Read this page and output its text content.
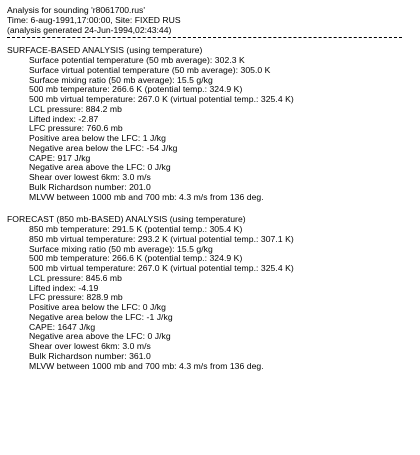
Analysis for sounding 'r8061700.rus'
Time: 6-aug-1991,17:00:00, Site: FIXED RUS
(analysis generated 24-Jun-1994,02:43:44)
SURFACE-BASED ANALYSIS (using temperature)
Surface potential temperature (50 mb average): 302.3 K
Surface virtual potential temperature (50 mb average): 305.0 K
Surface mixing ratio (50 mb average): 15.5 g/kg
500 mb temperature: 266.6 K (potential temp.: 324.9 K)
500 mb virtual temperature: 267.0 K (virtual potential temp.: 325.4 K)
LCL pressure: 884.2 mb
Lifted index: -2.87
LFC pressure: 760.6 mb
Positive area below the LFC: 1 J/kg
Negative area below the LFC: -54 J/kg
CAPE: 917 J/kg
Negative area above the LFC: 0 J/kg
Shear over lowest 6km: 3.0 m/s
Bulk Richardson number: 201.0
MLVW between 1000 mb and 700 mb: 4.3 m/s from 136 deg.
FORECAST (850 mb-BASED) ANALYSIS (using temperature)
850 mb temperature: 291.5 K (potential temp.: 305.4 K)
850 mb virtual temperature: 293.2 K (virtual potential temp.: 307.1 K)
Surface mixing ratio (50 mb average): 15.5 g/kg
500 mb temperature: 266.6 K (potential temp.: 324.9 K)
500 mb virtual temperature: 267.0 K (virtual potential temp.: 325.4 K)
LCL pressure: 845.6 mb
Lifted index: -4.19
LFC pressure: 828.9 mb
Positive area below the LFC: 0 J/kg
Negative area below the LFC: -1 J/kg
CAPE: 1647 J/kg
Negative area above the LFC: 0 J/kg
Shear over lowest 6km: 3.0 m/s
Bulk Richardson number: 361.0
MLVW between 1000 mb and 700 mb: 4.3 m/s from 136 deg.
